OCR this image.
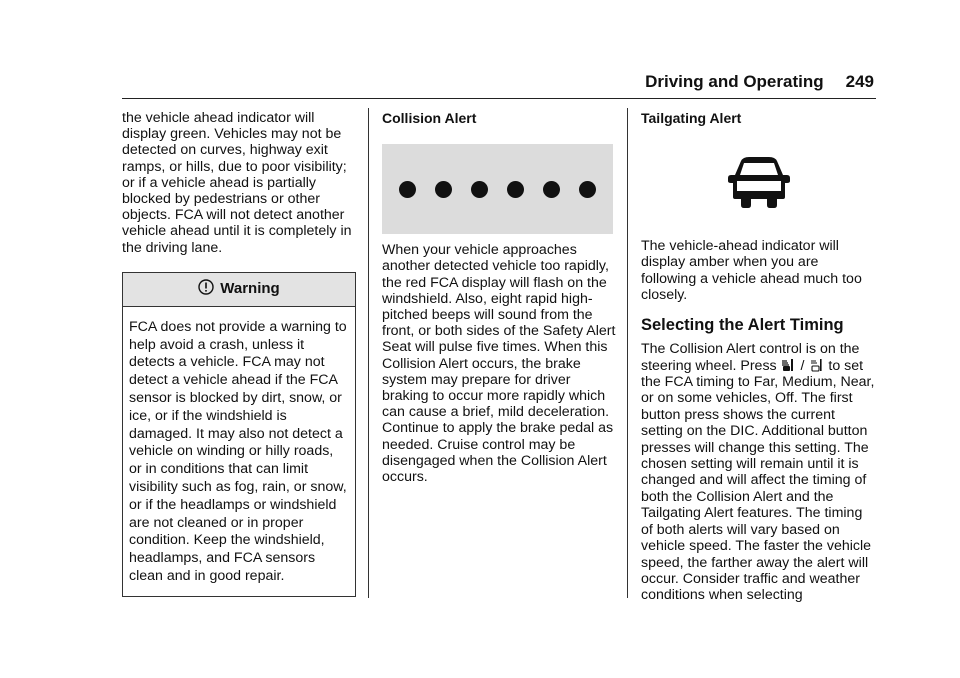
Driving and Operating 249

the vehicle ahead indicator will display green. Vehicles may not be detected on curves, highway exit ramps, or hills, due to poor visibility; or if a vehicle ahead is partially blocked by pedestrians or other objects. FCA will not detect another vehicle ahead until it is completely in the driving lane.

Warning
FCA does not provide a warning to help avoid a crash, unless it detects a vehicle. FCA may not detect a vehicle ahead if the FCA sensor is blocked by dirt, snow, or ice, or if the windshield is damaged. It may also not detect a vehicle on winding or hilly roads, or in conditions that can limit visibility such as fog, rain, or snow, or if the headlamps or windshield are not cleaned or in proper condition. Keep the windshield, headlamps, and FCA sensors clean and in good repair.
Collision Alert

When your vehicle approaches another detected vehicle too rapidly, the red FCA display will flash on the windshield. Also, eight rapid high-pitched beeps will sound from the front, or both sides of the Safety Alert Seat will pulse five times. When this Collision Alert occurs, the brake system may prepare for driver braking to occur more rapidly which can cause a brief, mild deceleration. Continue to apply the brake pedal as needed. Cruise control may be disengaged when the Collision Alert occurs.

Tailgating Alert

The vehicle-ahead indicator will display amber when you are following a vehicle ahead much too closely.

Selecting the Alert Timing

The Collision Alert control is on the steering wheel. Press  /  to set the FCA timing to Far, Medium, Near, or on some vehicles, Off. The first button press shows the current setting on the DIC. Additional button presses will change this setting. The chosen setting will remain until it is changed and will affect the timing of both the Collision Alert and the Tailgating Alert features. The timing of both alerts will vary based on vehicle speed. The faster the vehicle speed, the farther away the alert will occur. Consider traffic and weather conditions when selecting
